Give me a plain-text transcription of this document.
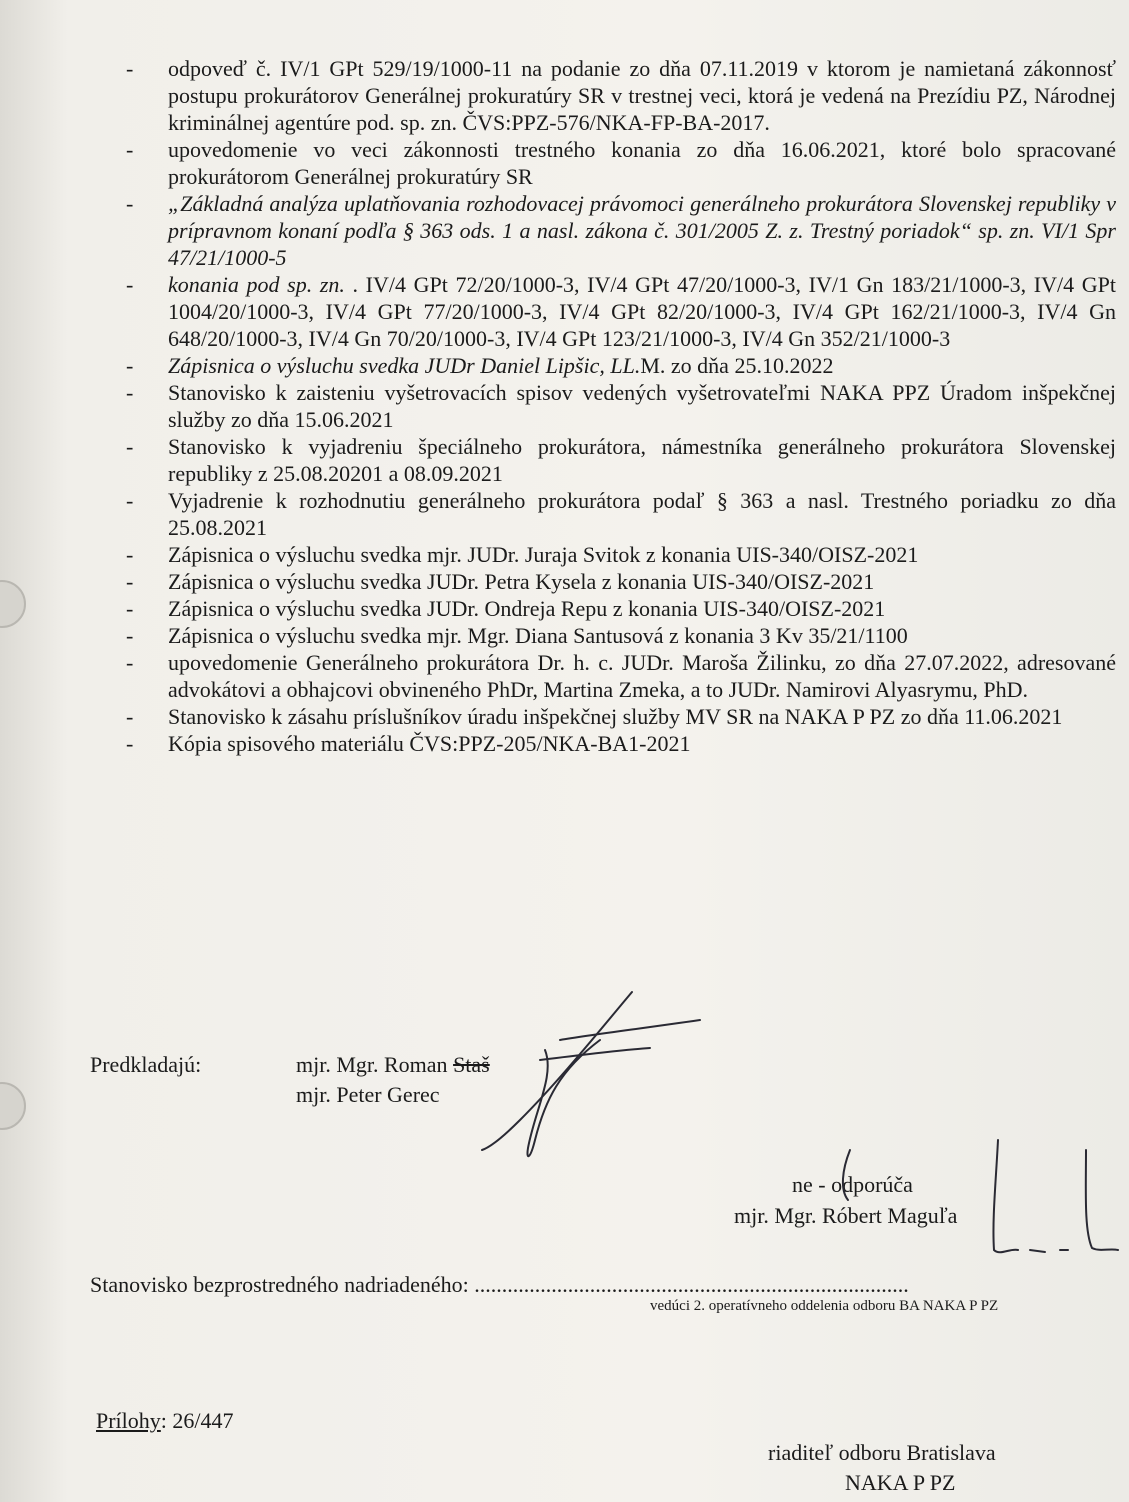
- odpoveď č. IV/1 GPt 529/19/1000-11 na podanie zo dňa 07.11.2019 v ktorom je namietaná zákonnosť postupu prokurátorov Generálnej prokuratúry SR v trestnej veci, ktorá je vedená na Prezídiu PZ, Národnej kriminálnej agentúre pod. sp. zn. ČVS:PPZ-576/NKA-FP-BA-2017.
- upovedomenie vo veci zákonnosti trestného konania zo dňa 16.06.2021, ktoré bolo spracované prokurátorom Generálnej prokuratúry SR
- „Základná analýza uplatňovania rozhodovacej právomoci generálneho prokurátora Slovenskej republiky v prípravnom konaní podľa § 363 ods. 1 a nasl. zákona č. 301/2005 Z. z. Trestný poriadok“ sp. zn. VI/1 Spr 47/21/1000-5
- konania pod sp. zn. . IV/4 GPt 72/20/1000-3, IV/4 GPt 47/20/1000-3, IV/1 Gn 183/21/1000-3, IV/4 GPt 1004/20/1000-3, IV/4 GPt 77/20/1000-3, IV/4 GPt 82/20/1000-3, IV/4 GPt 162/21/1000-3, IV/4 Gn 648/20/1000-3, IV/4 Gn 70/20/1000-3, IV/4 GPt 123/21/1000-3, IV/4 Gn 352/21/1000-3
- Zápisnica o výsluchu svedka JUDr Daniel Lipšic, LL.M. zo dňa 25.10.2022
- Stanovisko k zaisteniu vyšetrovacích spisov vedených vyšetrovateľmi NAKA PPZ Úradom inšpekčnej služby zo dňa 15.06.2021
- Stanovisko k vyjadreniu špeciálneho prokurátora, námestníka generálneho prokurátora Slovenskej republiky z 25.08.20201 a 08.09.2021
- Vyjadrenie k rozhodnutiu generálneho prokurátora podaľ § 363 a nasl. Trestného poriadku zo dňa 25.08.2021
- Zápisnica o výsluchu svedka mjr. JUDr. Juraja Svitok z konania UIS-340/OISZ-2021
- Zápisnica o výsluchu svedka JUDr. Petra Kysela z konania UIS-340/OISZ-2021
- Zápisnica o výsluchu svedka JUDr. Ondreja Repu z konania UIS-340/OISZ-2021
- Zápisnica o výsluchu svedka mjr. Mgr. Diana Santusová z konania 3 Kv 35/21/1100
- upovedomenie Generálneho prokurátora Dr. h. c. JUDr. Maroša Žilinku, zo dňa 27.07.2022, adresované advokátovi a obhajcovi obvineného PhDr, Martina Zmeka, a to JUDr. Namirovi Alyasrymu, PhD.
- Stanovisko k zásahu príslušníkov úradu inšpekčnej služby MV SR na NAKA P PZ zo dňa 11.06.2021
- Kópia spisového materiálu ČVS:PPZ-205/NKA-BA1-2021
Predkladajú:	mjr. Mgr. Roman Staš
mjr. Peter Gerec
ne - odporúča
mjr. Mgr. Róbert Maguľa
Stanovisko bezprostredného nadriadeného: ...............................................................................
vedúci 2. operatívneho oddelenia odboru BA NAKA P PZ
Prílohy: 26/447
riaditeľ odboru Bratislava
NAKA P PZ
